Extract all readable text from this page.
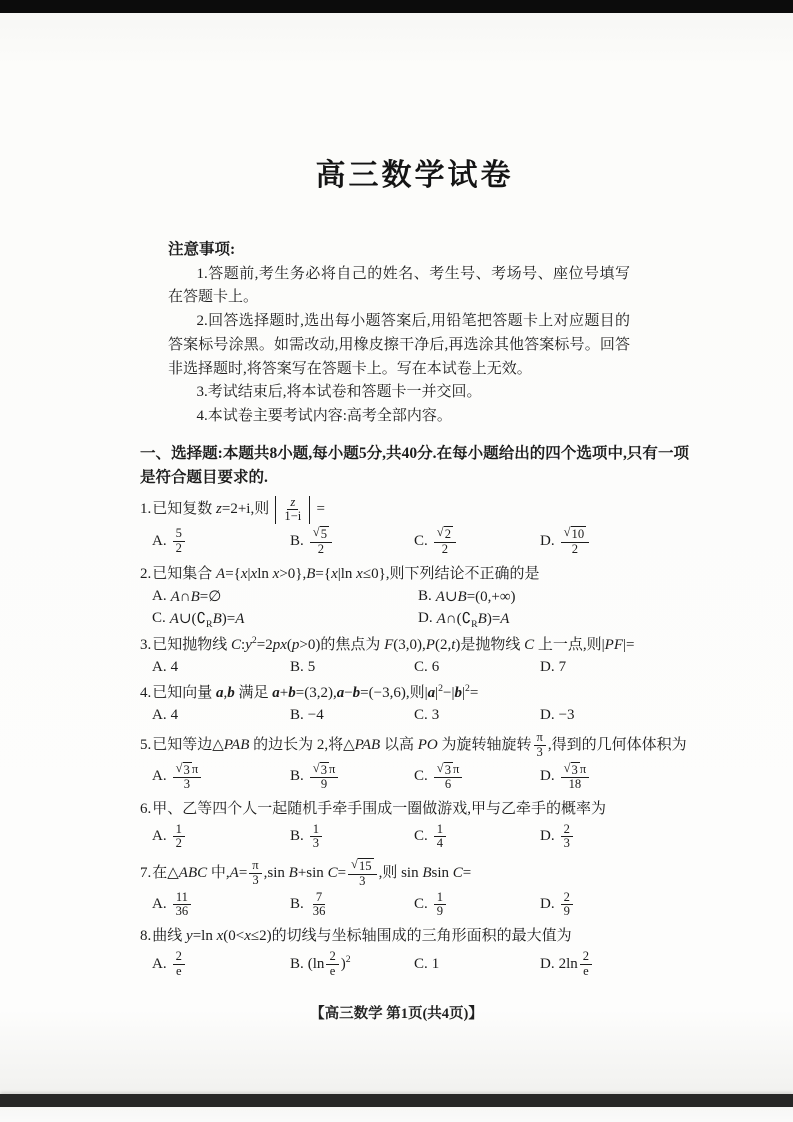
高三数学试卷
注意事项:

1.答题前,考生务必将自己的姓名、考生号、考场号、座位号填写在答题卡上。

2.回答选择题时,选出每小题答案后,用铅笔把答题卡上对应题目的答案标号涂黑。如需改动,用橡皮擦干净后,再选涂其他答案标号。回答非选择题时,将答案写在答题卡上。写在本试卷上无效。

3.考试结束后,将本试卷和答题卡一并交回。

4.本试卷主要考试内容:高考全部内容。

一、选择题:本题共8小题,每小题5分,共40分.在每小题给出的四个选项中,只有一项是符合题目要求的.
1.已知复数 z=2+i,则 $\frac{z}{1-i}$ =
A. $\frac{5}{2}$	B. $\frac{√ 5}{2}$	C. $\frac{√ 2}{2}$	D. $\frac{√ 10}{2}$
2.已知集合 A={x|xln x>0},B={x|ln x≤0},则下列结论不正确的是
A. A∩B=∅	B. A∪B=(0,+∞)
C. $A\cup(∁_RB)=A$	D. $A\cap(∁_RB)=A$
3.已知抛物线 $C:y^2=2px(p>0)$的焦点为 F(3,0),P(2,t)是抛物线 C 上一点,则|PF|=
A. 4	B. 5	C. 6	D. 7
4.已知向量 a,b 满足 a+b=(3,2),a−b=(−3,6),则$|a|^2-|b|^2=$
A. 4	B. −4	C. 3	D. −3
5.已知等边△PAB 的边长为 2,将△PAB 以高 PO 为旋转轴旋转 $\frac{\pi}{3}$ ,得到的几何体体积为
A. $\frac{√ 3 \pi}{3}$	B. $\frac{√ 3 \pi}{9}$	C. $\frac{√ 3 \pi}{6}$	D. $\frac{√ 3 \pi}{18}$
6.甲、乙等四个人一起随机手牵手围成一圈做游戏,甲与乙牵手的概率为
A. $\frac{1}{2}$	B. $\frac{1}{3}$	C. $\frac{1}{4}$	D. $\frac{2}{3}$
7.在△ABC 中$,A= \frac{\pi}{3} ,\sin$ B+sin $C= \frac{√ 15}{3}$ ,则 sin Bsin C=
A. $\frac{11}{36}$	B. $\frac{7}{36}$	C. $\frac{1}{9}$	D. $\frac{2}{9}$
8.曲线 y=ln x(0<x≤2)的切线与坐标轴围成的三角形面积的最大值为
A. $\frac{2}{e}$	B. $(\ln \frac{2}{e} )^2$	C. 1	D. $2\ln \frac{2}{e}$
【高三数学 第1页(共4页)】
